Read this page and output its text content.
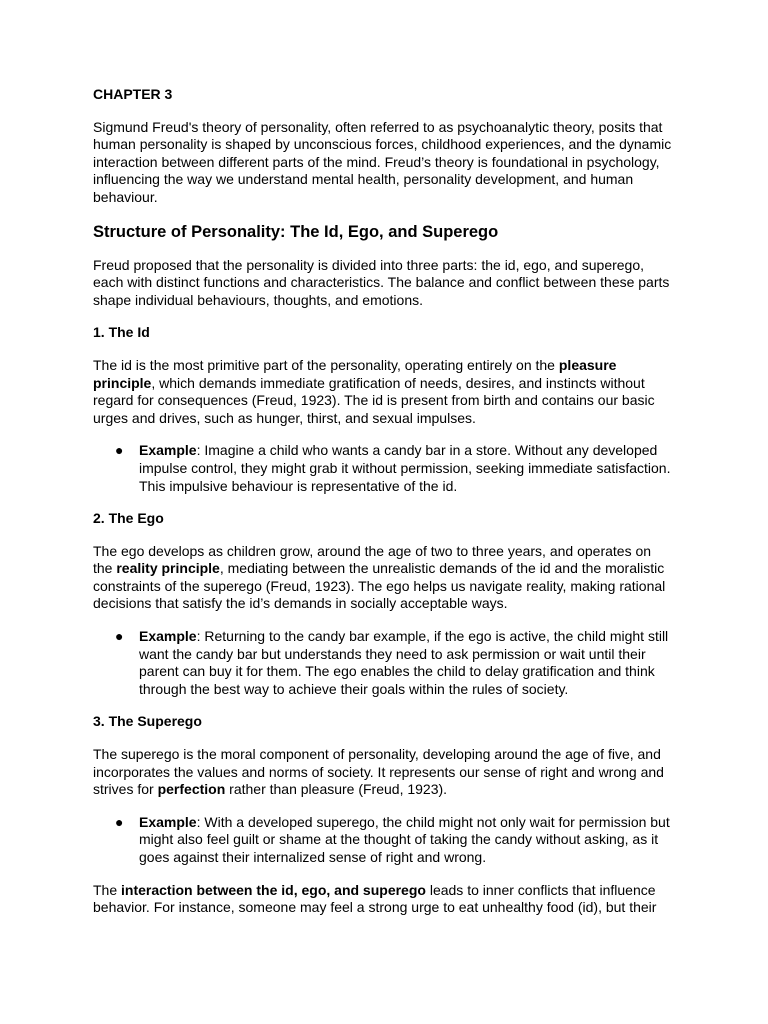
CHAPTER 3

Sigmund Freud's theory of personality, often referred to as psychoanalytic theory, posits that human personality is shaped by unconscious forces, childhood experiences, and the dynamic interaction between different parts of the mind. Freud’s theory is foundational in psychology, influencing the way we understand mental health, personality development, and human behaviour.

Structure of Personality: The Id, Ego, and Superego

Freud proposed that the personality is divided into three parts: the id, ego, and superego, each with distinct functions and characteristics. The balance and conflict between these parts shape individual behaviours, thoughts, and emotions.

1. The Id

The id is the most primitive part of the personality, operating entirely on the pleasure principle, which demands immediate gratification of needs, desires, and instincts without regard for consequences (Freud, 1923). The id is present from birth and contains our basic urges and drives, such as hunger, thirst, and sexual impulses.

● Example: Imagine a child who wants a candy bar in a store. Without any developed impulse control, they might grab it without permission, seeking immediate satisfaction. This impulsive behaviour is representative of the id.
2. The Ego

The ego develops as children grow, around the age of two to three years, and operates on the reality principle, mediating between the unrealistic demands of the id and the moralistic constraints of the superego (Freud, 1923). The ego helps us navigate reality, making rational decisions that satisfy the id’s demands in socially acceptable ways.

● Example: Returning to the candy bar example, if the ego is active, the child might still want the candy bar but understands they need to ask permission or wait until their parent can buy it for them. The ego enables the child to delay gratification and think through the best way to achieve their goals within the rules of society.
3. The Superego

The superego is the moral component of personality, developing around the age of five, and incorporates the values and norms of society. It represents our sense of right and wrong and strives for perfection rather than pleasure (Freud, 1923).

● Example: With a developed superego, the child might not only wait for permission but might also feel guilt or shame at the thought of taking the candy without asking, as it goes against their internalized sense of right and wrong.

The interaction between the id, ego, and superego leads to inner conflicts that influence behavior. For instance, someone may feel a strong urge to eat unhealthy food (id), but their
